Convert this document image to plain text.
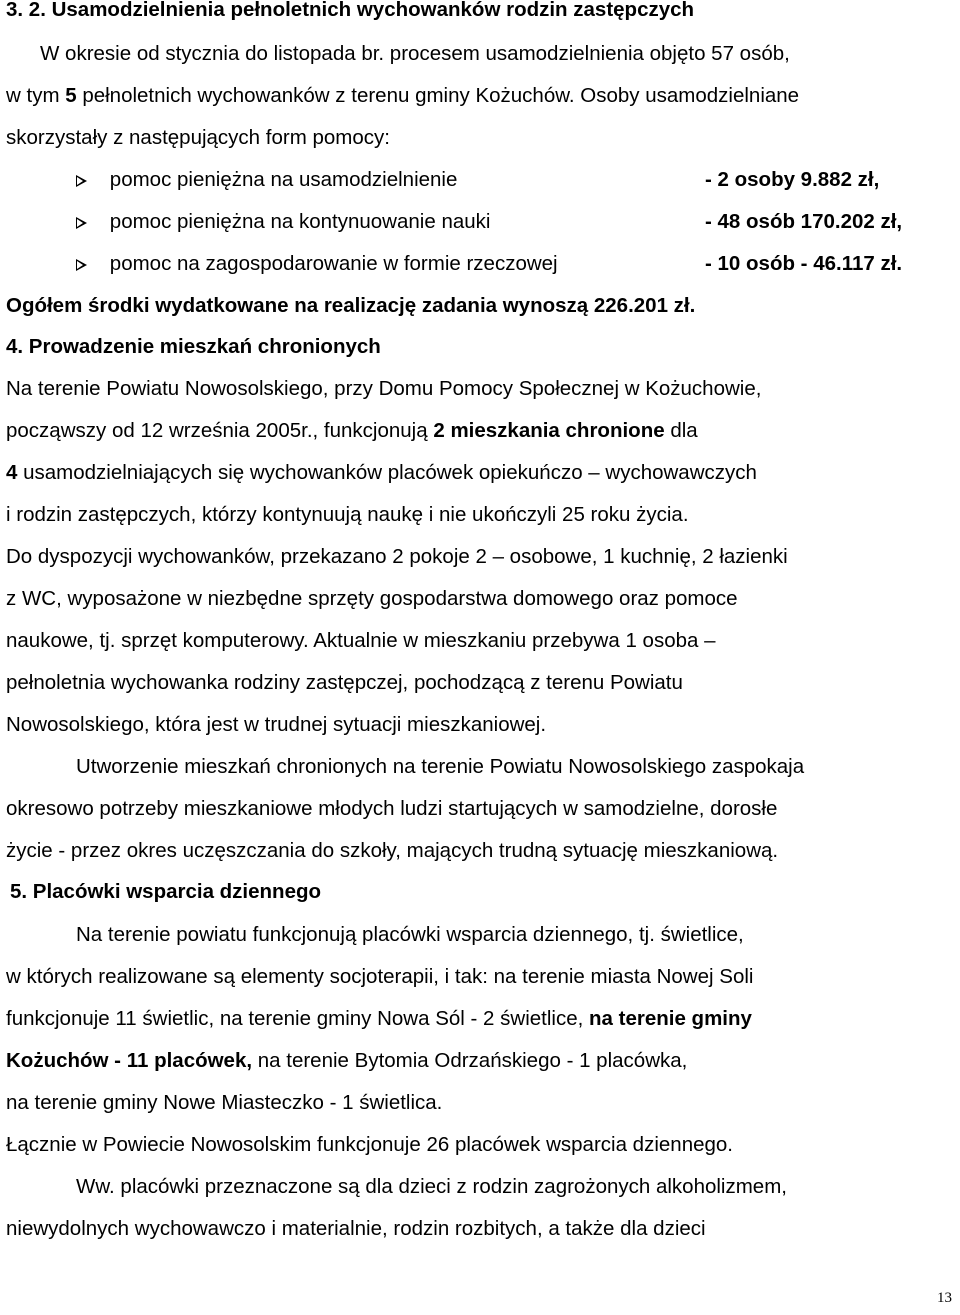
3. 2. Usamodzielnienia pełnoletnich wychowanków rodzin zastępczych
W okresie od stycznia do listopada br. procesem usamodzielnienia objęto 57 osób,
w tym 5 pełnoletnich wychowanków z terenu gminy Kożuchów. Osoby usamodzielniane
skorzystały z następujących form pomocy:
pomoc pieniężna na usamodzielnienie	- 2 osoby 9.882 zł,
pomoc pieniężna na kontynuowanie nauki	- 48 osób 170.202 zł,
pomoc na zagospodarowanie w formie rzeczowej	- 10 osób - 46.117 zł.
Ogółem środki wydatkowane na realizację zadania wynoszą 226.201 zł.
4. Prowadzenie mieszkań chronionych
Na terenie Powiatu Nowosolskiego, przy Domu Pomocy Społecznej w Kożuchowie,
począwszy od 12 września 2005r., funkcjonują 2 mieszkania chronione dla
4 usamodzielniających się wychowanków placówek opiekuńczo – wychowawczych
i rodzin zastępczych, którzy kontynuują naukę i nie ukończyli 25 roku życia.
Do dyspozycji wychowanków, przekazano 2 pokoje 2 – osobowe, 1 kuchnię, 2 łazienki
z WC, wyposażone w niezbędne sprzęty gospodarstwa domowego oraz pomoce
naukowe, tj. sprzęt komputerowy. Aktualnie w mieszkaniu przebywa 1 osoba –
pełnoletnia wychowanka rodziny zastępczej, pochodzącą z terenu Powiatu
Nowosolskiego, która jest w trudnej sytuacji mieszkaniowej.
Utworzenie mieszkań chronionych na terenie Powiatu Nowosolskiego zaspokaja
okresowo potrzeby mieszkaniowe młodych ludzi startujących w samodzielne, dorosłe
życie - przez okres uczęszczania do szkoły, mających trudną sytuację mieszkaniową.
5. Placówki wsparcia dziennego
Na terenie powiatu funkcjonują placówki wsparcia dziennego, tj. świetlice,
w których realizowane są elementy socjoterapii, i tak: na terenie miasta Nowej Soli
funkcjonuje 11 świetlic, na terenie gminy Nowa Sól - 2 świetlice, na terenie gminy
Kożuchów - 11 placówek, na terenie Bytomia Odrzańskiego - 1 placówka,
na terenie gminy Nowe Miasteczko - 1 świetlica.
Łącznie w Powiecie Nowosolskim funkcjonuje 26 placówek wsparcia dziennego.
Ww. placówki przeznaczone są dla dzieci z rodzin zagrożonych alkoholizmem,
niewydolnych wychowawczo i materialnie, rodzin rozbitych, a także dla dzieci
13
